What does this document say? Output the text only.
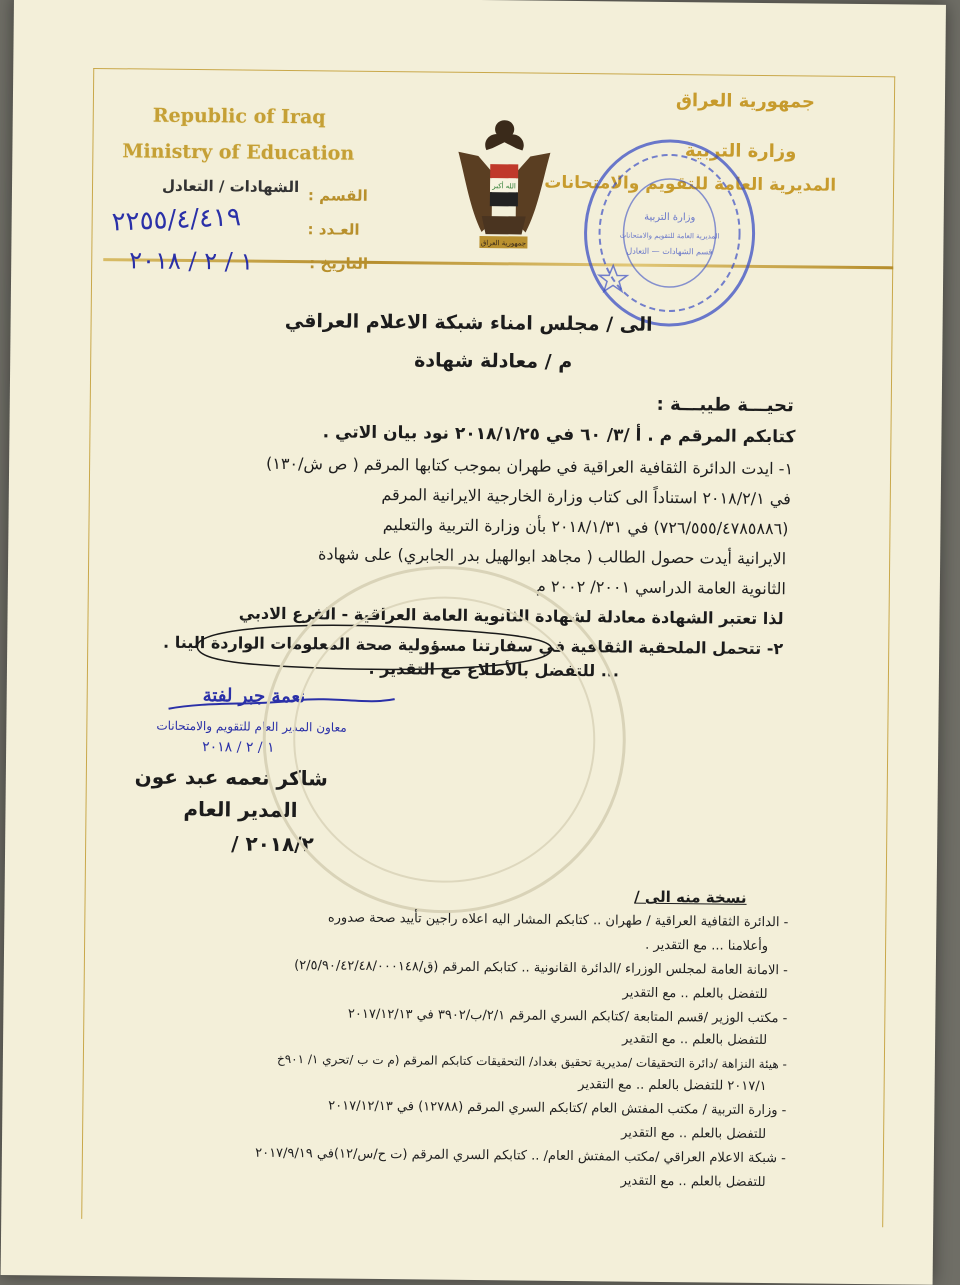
Republic of Iraq
Ministry of Education
جمهورية العراق
وزارة التربية
المديرية العامة للتقويم والامتحانات
القسم :
الشهادات / التعادل
العـدد :
٢٢٥٥/٤/٤١٩
التاريخ :
١ / ٢ / ٢٠١٨
الله أكبر
جمهورية العراق
وزارة التربية
المديرية العامة للتقويم والامتحانات
قسم الشهادات — التعادل
الى / مجلس امناء شبكة الاعلام العراقي
م / معادلة شهادة
تحيـــة طيبـــة :
كتابكم المرقم م . أ /٣/ ٦٠ في ٢٠١٨/١/٢٥ نود بيان الاتي .
١- ايدت الدائرة الثقافية العراقية في طهران بموجب كتابها المرقم ( ص ش/١٣٠)
في ٢٠١٨/٢/١ استناداً الى كتاب وزارة الخارجية الايرانية المرقم
(٧٢٦/٥٥٥/٤٧٨٥٨٨٦) في ٢٠١٨/١/٣١ بأن وزارة التربية والتعليم
الايرانية أيدت حصول الطالب ( مجاهد ابوالهيل بدر الجابري) على شهادة
الثانوية العامة الدراسي ٢٠٠١/ ٢٠٠٢ م
لذا تعتبر الشهادة معادلة لشهادة الثانوية العامة العراقية - الفرع الادبي
٢- تتحمل الملحقية الثقافية في سفارتنا مسؤولية صحة المعلومات الواردة الينا .
... للتفضل بالأطلاع مع التقدير .
نعمة جبر لفتة
معاون المدير العام للتقويم والامتحانات
١ / ٢ / ٢٠١٨
شاكر نعمه عبد عون
المدير العام
/ ٢٠١٨/٢
نسخة منه الى /
- الدائرة الثقافية العراقية / طهران .. كتابكم المشار اليه اعلاه راجين تأييد صحة صدوره
وأعلامنا ... مع التقدير .
- الامانة العامة لمجلس الوزراء /الدائرة القانونية .. كتابكم المرقم (ق/٢/٥/٩٠/٤٢/٤٨/٠٠٠١٤٨)
للتفضل بالعلم .. مع التقدير
- مكتب الوزير /قسم المتابعة /كتابكم السري المرقم ٢/١/ب/٣٩٠٢ في ٢٠١٧/١٢/١٣
للتفضل بالعلم .. مع التقدير
- هيئة النزاهة /دائرة التحقيقات /مديرية تحقيق بغداد/ التحقيقات كتابكم المرقم (م ت ب /تحري ١/ ٩٠١خ
٢٠١٧/١ للتفضل بالعلم .. مع التقدير
- وزارة التربية / مكتب المفتش العام /كتابكم السري المرقم (١٢٧٨٨) في ٢٠١٧/١٢/١٣
للتفضل بالعلم .. مع التقدير
- شبكة الاعلام العراقي /مكتب المفتش العام/ .. كتابكم السري المرقم (ت ح/س/١٢)في ٢٠١٧/٩/١٩
للتفضل بالعلم .. مع التقدير
